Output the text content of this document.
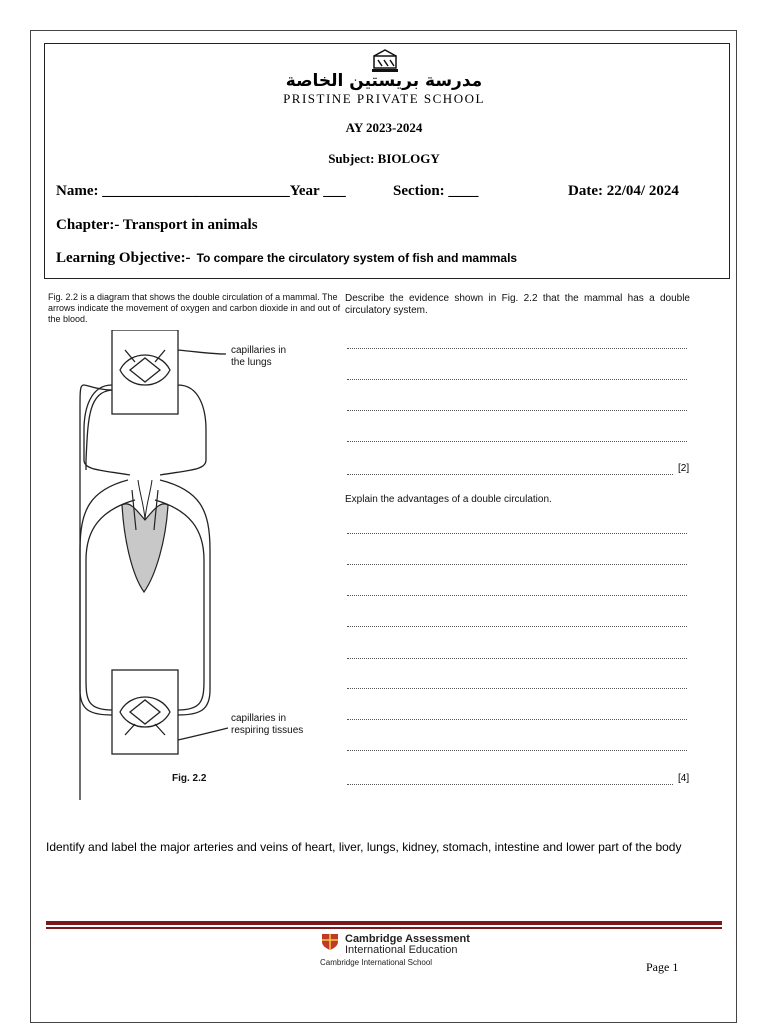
مدرسة بريستين الخاصة
PRISTINE PRIVATE SCHOOL
AY 2023-2024
Subject: BIOLOGY
Name: _________________________Year ___	Section: ____	Date: 22/04/ 2024
Chapter:- Transport in animals
Learning Objective:- To compare the circulatory system of fish and mammals
Fig. 2.2 is a diagram that shows the double circulation of a mammal. The arrows indicate the movement of oxygen and carbon dioxide in and out of the blood.
capillaries in
the lungs
capillaries in
respiring tissues
Fig. 2.2
Describe the evidence shown in Fig. 2.2 that the mammal has a double circulatory system.
[2]
Explain the advantages of a double circulation.
[4]
Identify and label the major arteries and veins of heart, liver, lungs, kidney, stomach, intestine and lower part of the body
Cambridge Assessment
International Education
Cambridge International School	Page 1
